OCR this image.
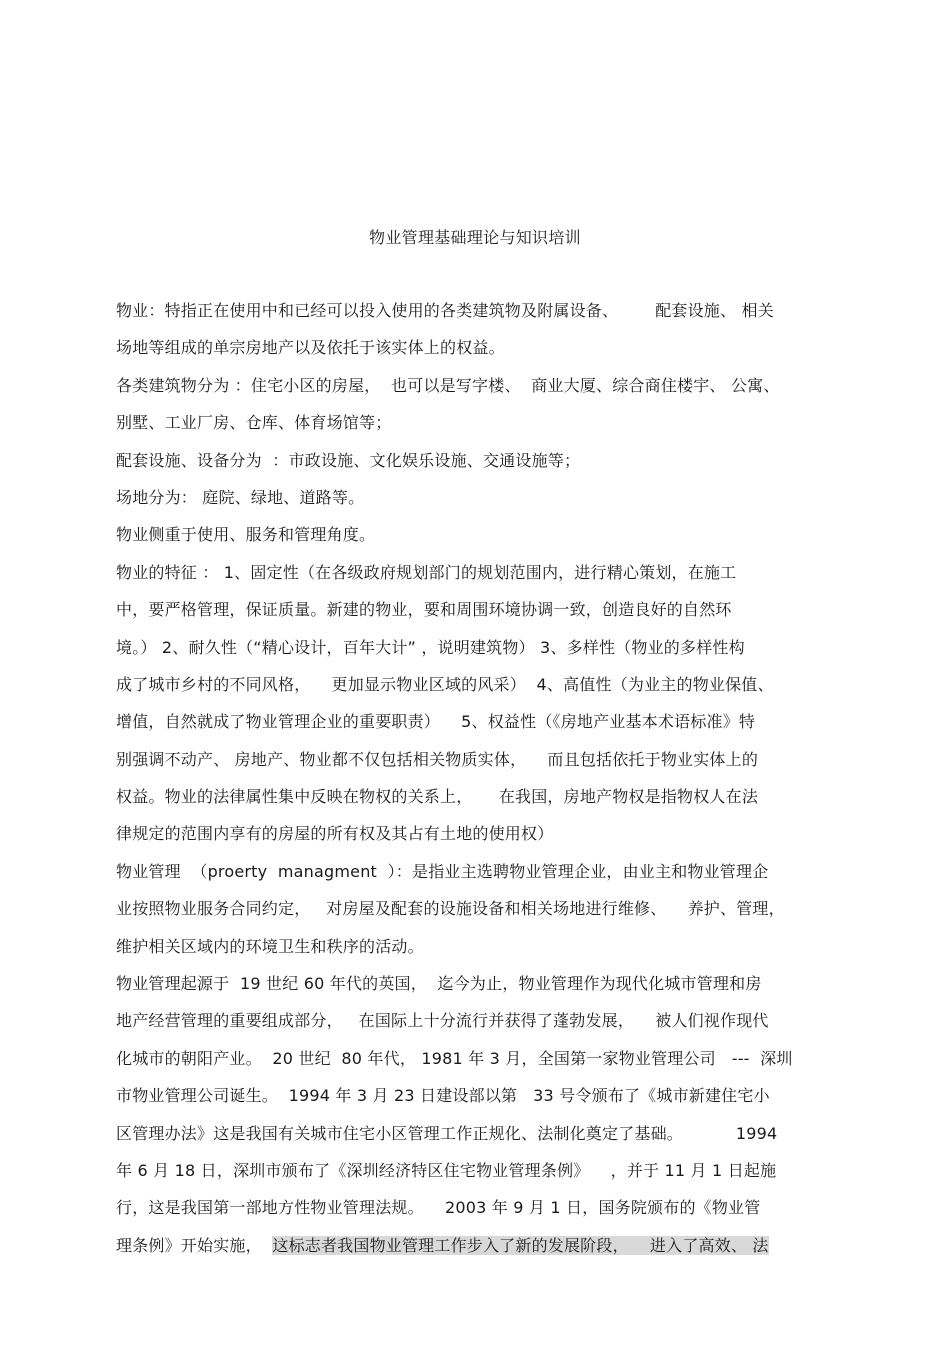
物业管理基础理论与知识培训
物业：特指正在使用中和已经可以投入使用的各类建筑物及附属设备、       配套设施、 相关
场地等组成的单宗房地产以及依托于该实体上的权益。
各类建筑物分为 ：住宅小区的房屋，  也可以是写字楼、  商业大厦、综合商住楼宇、 公寓、
别墅、工业厂房、仓库、体育场馆等；
配套设施、设备分为  ：市政设施、文化娱乐设施、交通设施等；
场地分为： 庭院、绿地、道路等。
物业侧重于使用、服务和管理角度。
物业的特征 ： 1、固定性（在各级政府规划部门的规划范围内，进行精心策划，在施工
中，要严格管理，保证质量。新建的物业，要和周围环境协调一致，创造良好的自然环
境。） 2、耐久性（“精心设计，百年大计” ，说明建筑物） 3、多样性（物业的多样性构
成了城市乡村的不同风格，    更加显示物业区域的风采）  4、高值性（为业主的物业保值、
增值，自然就成了物业管理企业的重要职责）    5、权益性（《房地产业基本术语标准》特
别强调不动产、 房地产、物业都不仅包括相关物质实体，    而且包括依托于物业实体上的
权益。物业的法律属性集中反映在物权的关系上，     在我国，房地产物权是指物权人在法
律规定的范围内享有的房屋的所有权及其占有土地的使用权）
物业管理  （proerty  managment  ）：是指业主选聘物业管理企业，由业主和物业管理企
业按照物业服务合同约定，   对房屋及配套的设施设备和相关场地进行维修、    养护、管理，
维护相关区域内的环境卫生和秩序的活动。
物业管理起源于  19 世纪 60 年代的英国，  迄今为止，物业管理作为现代化城市管理和房
地产经营管理的重要组成部分，   在国际上十分流行并获得了蓬勃发展，    被人们视作现代
化城市的朝阳产业。  20 世纪  80 年代， 1981 年 3 月，全国第一家物业管理公司   ---  深圳
市物业管理公司诞生。  1994 年 3 月 23 日建设部以第   33 号令颁布了《城市新建住宅小
区管理办法》这是我国有关城市住宅小区管理工作正规化、法制化奠定了基础。          1994
年 6 月 18 日，深圳市颁布了《深圳经济特区住宅物业管理条例》    ，并于 11 月 1 日起施
行，这是我国第一部地方性物业管理法规。    2003 年 9 月 1 日，国务院颁布的《物业管
理条例》开始实施，  这标志者我国物业管理工作步入了新的发展阶段，    进入了高效、 法
